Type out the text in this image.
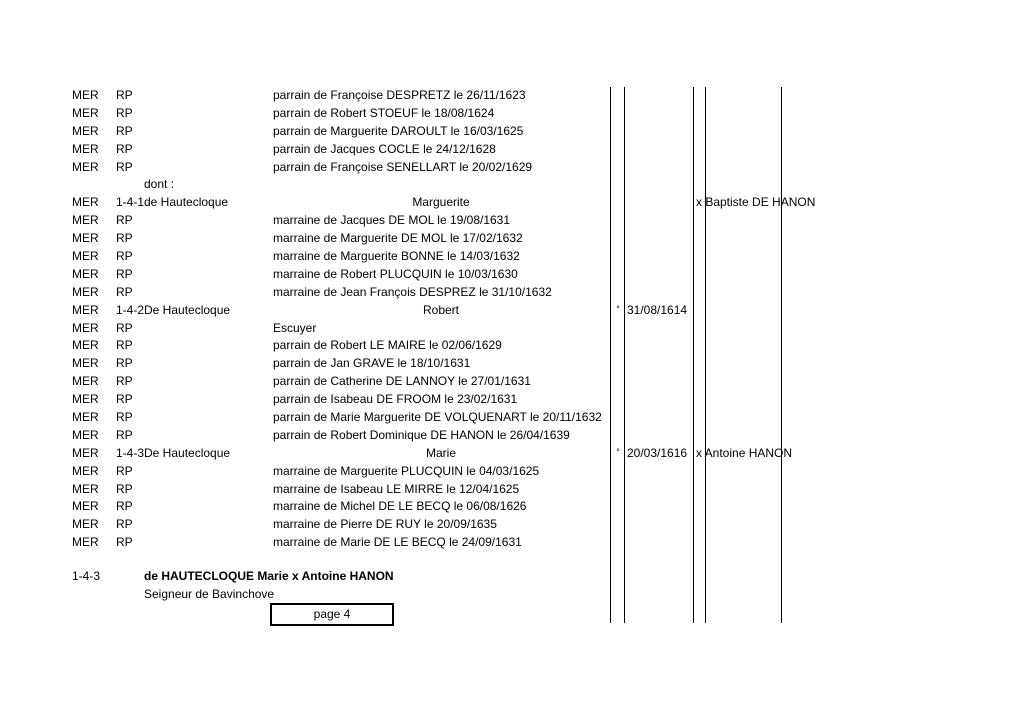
MER	RP	parrain de Françoise DESPRETZ le 26/11/1623
MER	RP	parrain de Robert STOEUF le 18/08/1624
MER	RP	parrain de Marguerite DAROULT le 16/03/1625
MER	RP	parrain de Jacques COCLE le 24/12/1628
MER	RP	parrain de Françoise SENELLART le 20/02/1629
dont :
MER	1-4-1 de Hautecloque	Marguerite	x Baptiste DE HANON
MER	RP	marraine de Jacques DE MOL le 19/08/1631
MER	RP	marraine de Marguerite DE MOL le 17/02/1632
MER	RP	marraine de Marguerite BONNE le 14/03/1632
MER	RP	marraine de Robert PLUCQUIN le 10/03/1630
MER	RP	marraine de Jean François DESPREZ le 31/10/1632
MER	1-4-2 De Hautecloque	Robert	° 31/08/1614
MER	RP	Escuyer
MER	RP	parrain de Robert LE MAIRE le 02/06/1629
MER	RP	parrain de Jan GRAVE le 18/10/1631
MER	RP	parrain de Catherine DE LANNOY le 27/01/1631
MER	RP	parrain de Isabeau DE FROOM le 23/02/1631
MER	RP	parrain de Marie Marguerite DE VOLQUENART le 20/11/1632
MER	RP	parrain de Robert Dominique DE HANON le 26/04/1639
MER	1-4-3 De Hautecloque	Marie	° 20/03/1616 x Antoine HANON
MER	RP	marraine de Marguerite PLUCQUIN le 04/03/1625
MER	RP	marraine de Isabeau LE MIRRE le 12/04/1625
MER	RP	marraine de Michel DE LE BECQ le 06/08/1626
MER	RP	marraine de Pierre DE RUY le 20/09/1635
MER	RP	marraine de Marie DE LE BECQ le 24/09/1631
1-4-3	de HAUTECLOQUE Marie x Antoine HANON
Seigneur de Bavinchove
page 4
